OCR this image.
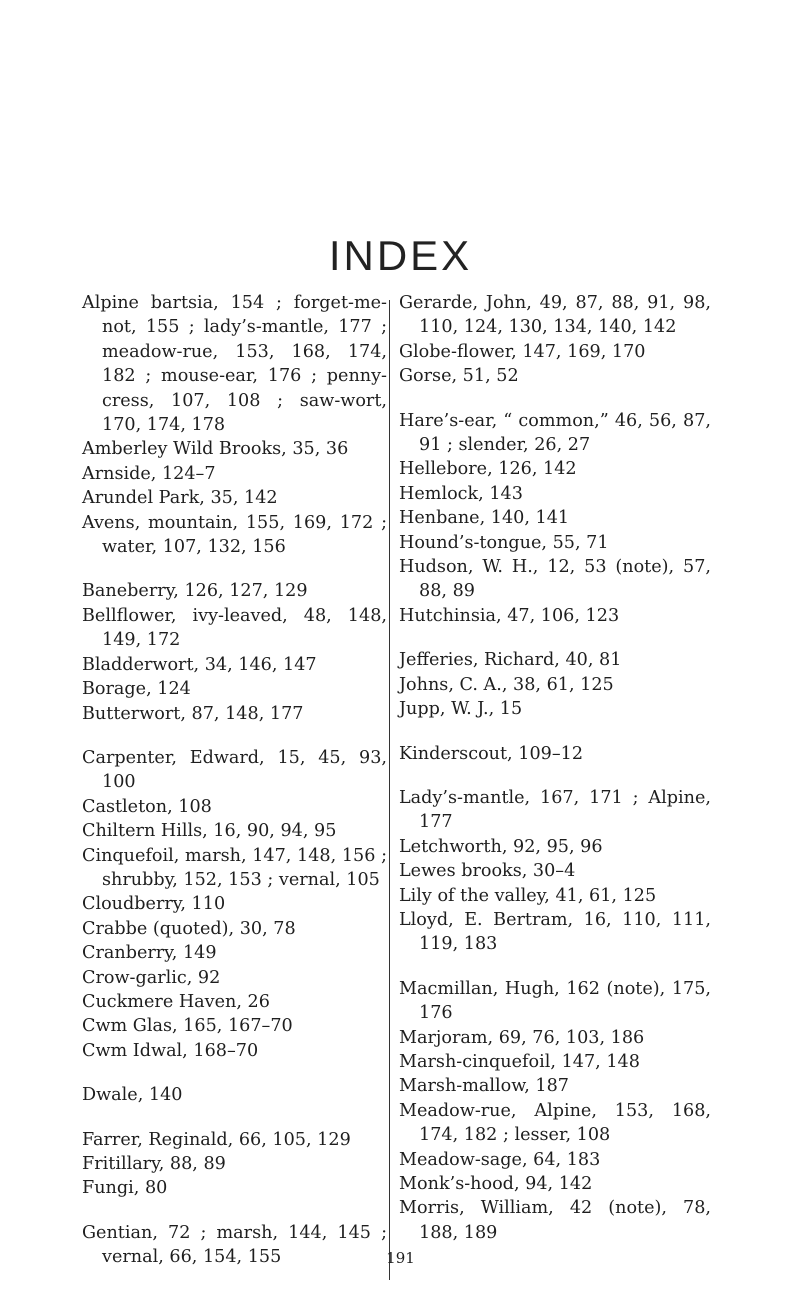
INDEX
Alpine bartsia, 154 ; forget-me-not, 155 ; lady’s-mantle, 177 ; meadow-rue, 153, 168, 174, 182 ; mouse-ear, 176 ; penny-cress, 107, 108 ; saw-wort, 170, 174, 178
Amberley Wild Brooks, 35, 36
Arnside, 124–7
Arundel Park, 35, 142
Avens, mountain, 155, 169, 172 ; water, 107, 132, 156
Baneberry, 126, 127, 129
Bellflower, ivy-leaved, 48, 148, 149, 172
Bladderwort, 34, 146, 147
Borage, 124
Butterwort, 87, 148, 177
Carpenter, Edward, 15, 45, 93, 100
Castleton, 108
Chiltern Hills, 16, 90, 94, 95
Cinquefoil, marsh, 147, 148, 156 ; shrubby, 152, 153 ; vernal, 105
Cloudberry, 110
Crabbe (quoted), 30, 78
Cranberry, 149
Crow-garlic, 92
Cuckmere Haven, 26
Cwm Glas, 165, 167–70
Cwm Idwal, 168–70
Dwale, 140
Farrer, Reginald, 66, 105, 129
Fritillary, 88, 89
Fungi, 80
Gentian, 72 ; marsh, 144, 145 ; vernal, 66, 154, 155
Gerarde, John, 49, 87, 88, 91, 98, 110, 124, 130, 134, 140, 142
Globe-flower, 147, 169, 170
Gorse, 51, 52
Hare’s-ear, “ common,” 46, 56, 87, 91 ; slender, 26, 27
Hellebore, 126, 142
Hemlock, 143
Henbane, 140, 141
Hound’s-tongue, 55, 71
Hudson, W. H., 12, 53 (note), 57, 88, 89
Hutchinsia, 47, 106, 123
Jefferies, Richard, 40, 81
Johns, C. A., 38, 61, 125
Jupp, W. J., 15
Kinderscout, 109–12
Lady’s-mantle, 167, 171 ; Alpine, 177
Letchworth, 92, 95, 96
Lewes brooks, 30–4
Lily of the valley, 41, 61, 125
Lloyd, E. Bertram, 16, 110, 111, 119, 183
Macmillan, Hugh, 162 (note), 175, 176
Marjoram, 69, 76, 103, 186
Marsh-cinquefoil, 147, 148
Marsh-mallow, 187
Meadow-rue, Alpine, 153, 168, 174, 182 ; lesser, 108
Meadow-sage, 64, 183
Monk’s-hood, 94, 142
Morris, William, 42 (note), 78, 188, 189
191
